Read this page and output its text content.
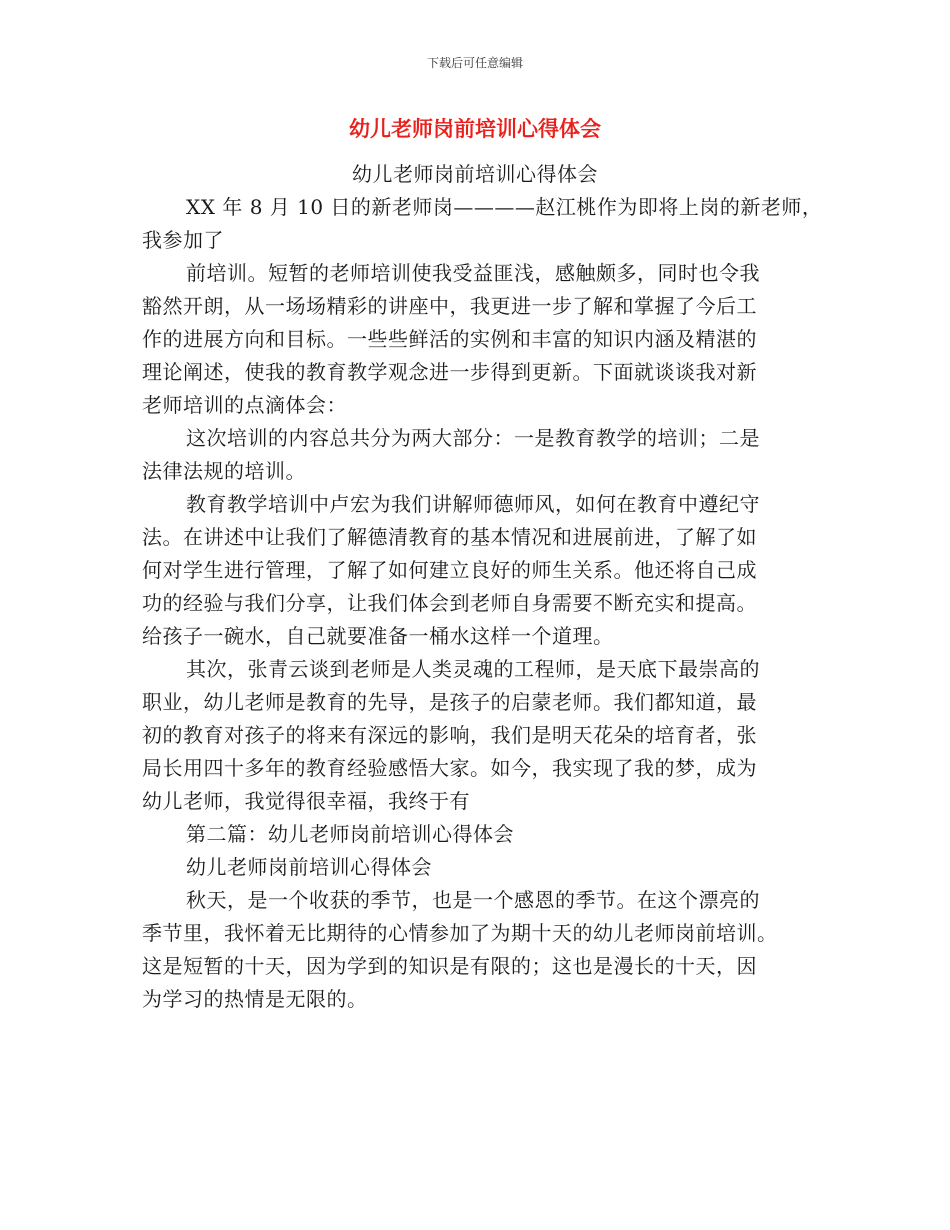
下载后可任意编辑
幼儿老师岗前培训心得体会
幼儿老师岗前培训心得体会
XX 年 8 月 10 日的新老师岗————赵江桃作为即将上岗的新老师，
我参加了
前培训。短暂的老师培训使我受益匪浅，感触颇多，同时也令我
豁然开朗，从一场场精彩的讲座中，我更进一步了解和掌握了今后工
作的进展方向和目标。一些些鲜活的实例和丰富的知识内涵及精湛的
理论阐述，使我的教育教学观念进一步得到更新。下面就谈谈我对新
老师培训的点滴体会：
这次培训的内容总共分为两大部分：一是教育教学的培训；二是
法律法规的培训。
教育教学培训中卢宏为我们讲解师德师风，如何在教育中遵纪守
法。在讲述中让我们了解德清教育的基本情况和进展前进，了解了如
何对学生进行管理，了解了如何建立良好的师生关系。他还将自己成
功的经验与我们分享，让我们体会到老师自身需要不断充实和提高。
给孩子一碗水，自己就要准备一桶水这样一个道理。
其次，张青云谈到老师是人类灵魂的工程师，是天底下最崇高的
职业，幼儿老师是教育的先导，是孩子的启蒙老师。我们都知道，最
初的教育对孩子的将来有深远的影响，我们是明天花朵的培育者，张
局长用四十多年的教育经验感悟大家。如今，我实现了我的梦，成为
幼儿老师，我觉得很幸福，我终于有
第二篇：幼儿老师岗前培训心得体会
幼儿老师岗前培训心得体会
秋天，是一个收获的季节，也是一个感恩的季节。在这个漂亮的
季节里，我怀着无比期待的心情参加了为期十天的幼儿老师岗前培训。
这是短暂的十天，因为学到的知识是有限的；这也是漫长的十天，因
为学习的热情是无限的。
